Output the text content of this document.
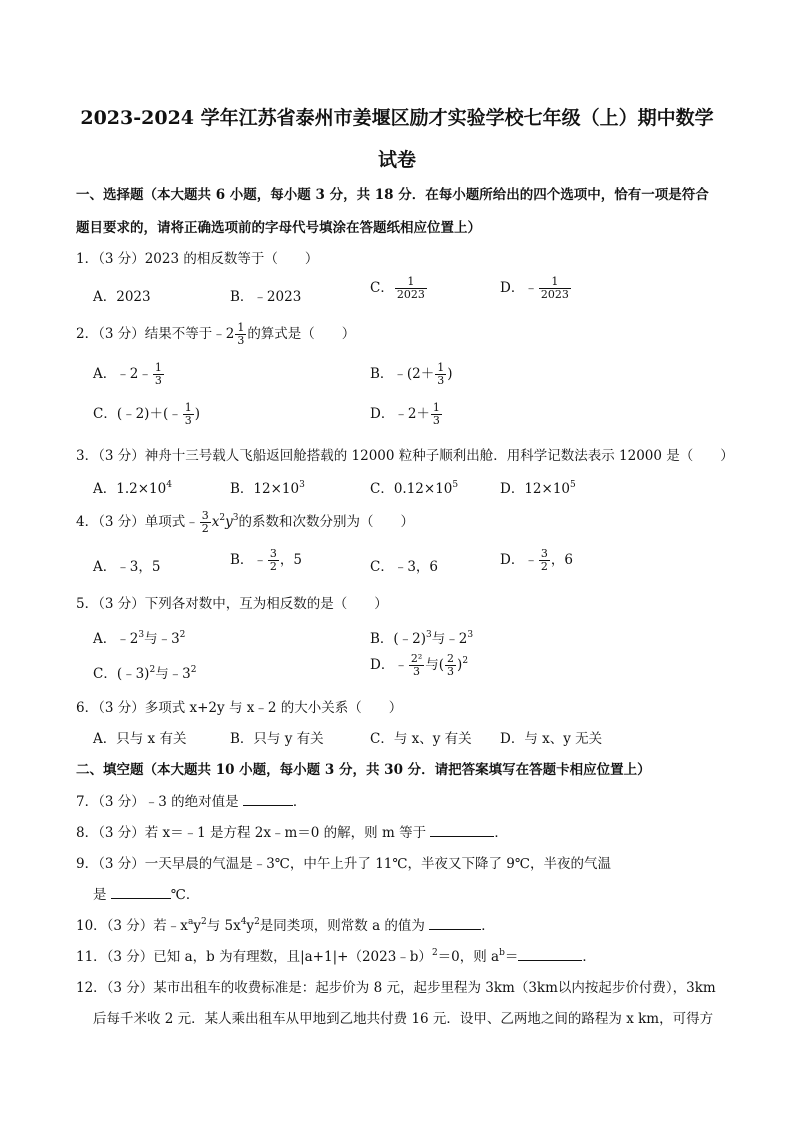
2023-2024 学年江苏省泰州市姜堰区励才实验学校七年级（上）期中数学
试卷
一、选择题（本大题共 6 小题，每小题 3 分，共 18 分．在每小题所给出的四个选项中，恰有一项是符合
题目要求的，请将正确选项前的字母代号填涂在答题纸相应位置上）
1．（3 分）2023 的相反数等于（　　）
A．2023	B．﹣2023
C． $\frac{1}{2023}$	D．﹣ $\frac{1}{2023}$
2．（3 分）结果不等于﹣2 $\frac{1}{3}$ 的算式是（　　）
A．﹣2﹣ $\frac{1}{3}$	B．﹣(2＋ $\frac{1}{3}$ )
C．(﹣2)＋(﹣ $\frac{1}{3}$ )	D．﹣2＋ $\frac{1}{3}$
3．（3 分）神舟十三号载人飞船返回舱搭载的 12000 粒种子顺利出舱．用科学记数法表示 12000 是（　　）
A．$1.2\times 10^4$	B．$12\times 10^3$	C．$0.12\times 10^5$	D．$12\times 10^5$
4．（3 分）单项式﹣ $\frac{3}{2} x^2y^3$的系数和次数分别为（　　）
A．﹣3，5	B．﹣ $\frac{3}{2}$ ，5	C．﹣3，6	D．﹣ $\frac{3}{2}$ ，6
5．（3 分）下列各对数中，互为相反数的是（　　）
A．$﹣2^3$与$﹣3^2$	B．(﹣2)$^3$与$﹣2^3$
C．(﹣3)$^2$与$﹣3^2$	D．﹣ $\frac{\text{2²}}{3}$ 与( $\frac{2}{3} )^2$
6．（3 分）多项式 x+2y 与 x﹣2 的大小关系（　　）
A．只与 x 有关	B．只与 y 有关	C．与 x、y 有关 D．与 x、y 无关
二、填空题（本大题共 10 小题，每小题 3 分，共 30 分．请把答案填写在答题卡相应位置上）
7．（3 分）﹣3 的绝对值是	．
8．（3 分）若 x＝﹣1 是方程 2x﹣m＝0 的解，则 m 等于	．
9．（3 分）一天早晨的气温是﹣3℃，中午上升了 11℃，半夜又下降了 9℃，半夜的气温
是	℃．
10．（3 分）若$﹣x^ay^2$与 $5x^4y^2$是同类项，则常数 a 的值为	．
11．（3 分）已知 a，b 为有理数，且|a+1|+（2023﹣b）$^2$＝0，则 $a^b=$	．
12．（3 分）某市出租车的收费标准是：起步价为 8 元，起步里程为 3km（3km以内按起步价付费），3km
后每千米收 2 元．某人乘出租车从甲地到乙地共付费 16 元．设甲、乙两地之间的路程为 x km，可得方
